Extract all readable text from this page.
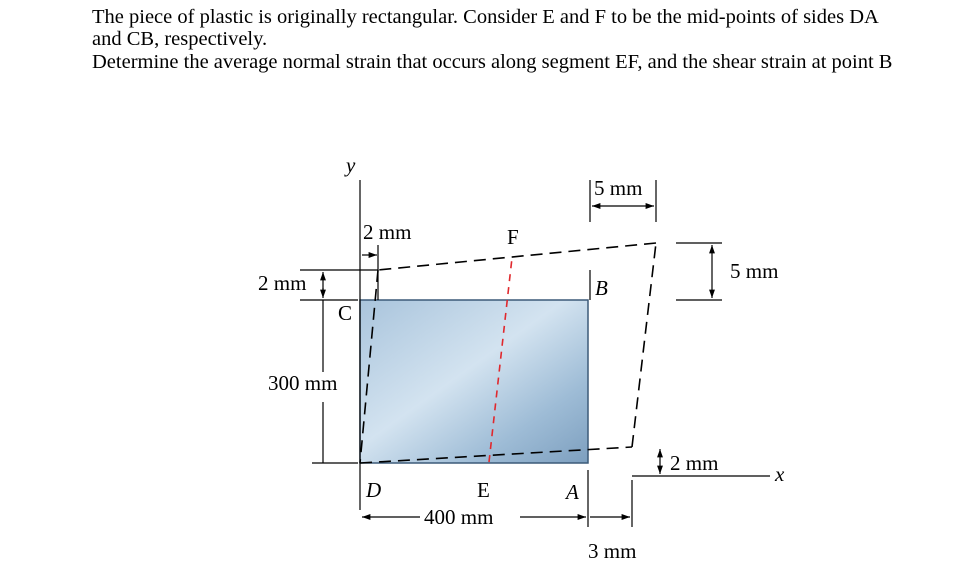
The piece of plastic is originally rectangular. Consider E and F to be the mid-points of sides DA and CB, respectively.

Determine the average normal strain that occurs along segment EF, and the shear strain at point B

y
x
2 mm
2 mm
C
300 mm
F
B
5 mm
5 mm
2 mm
D	E	A
400 mm
3 mm
